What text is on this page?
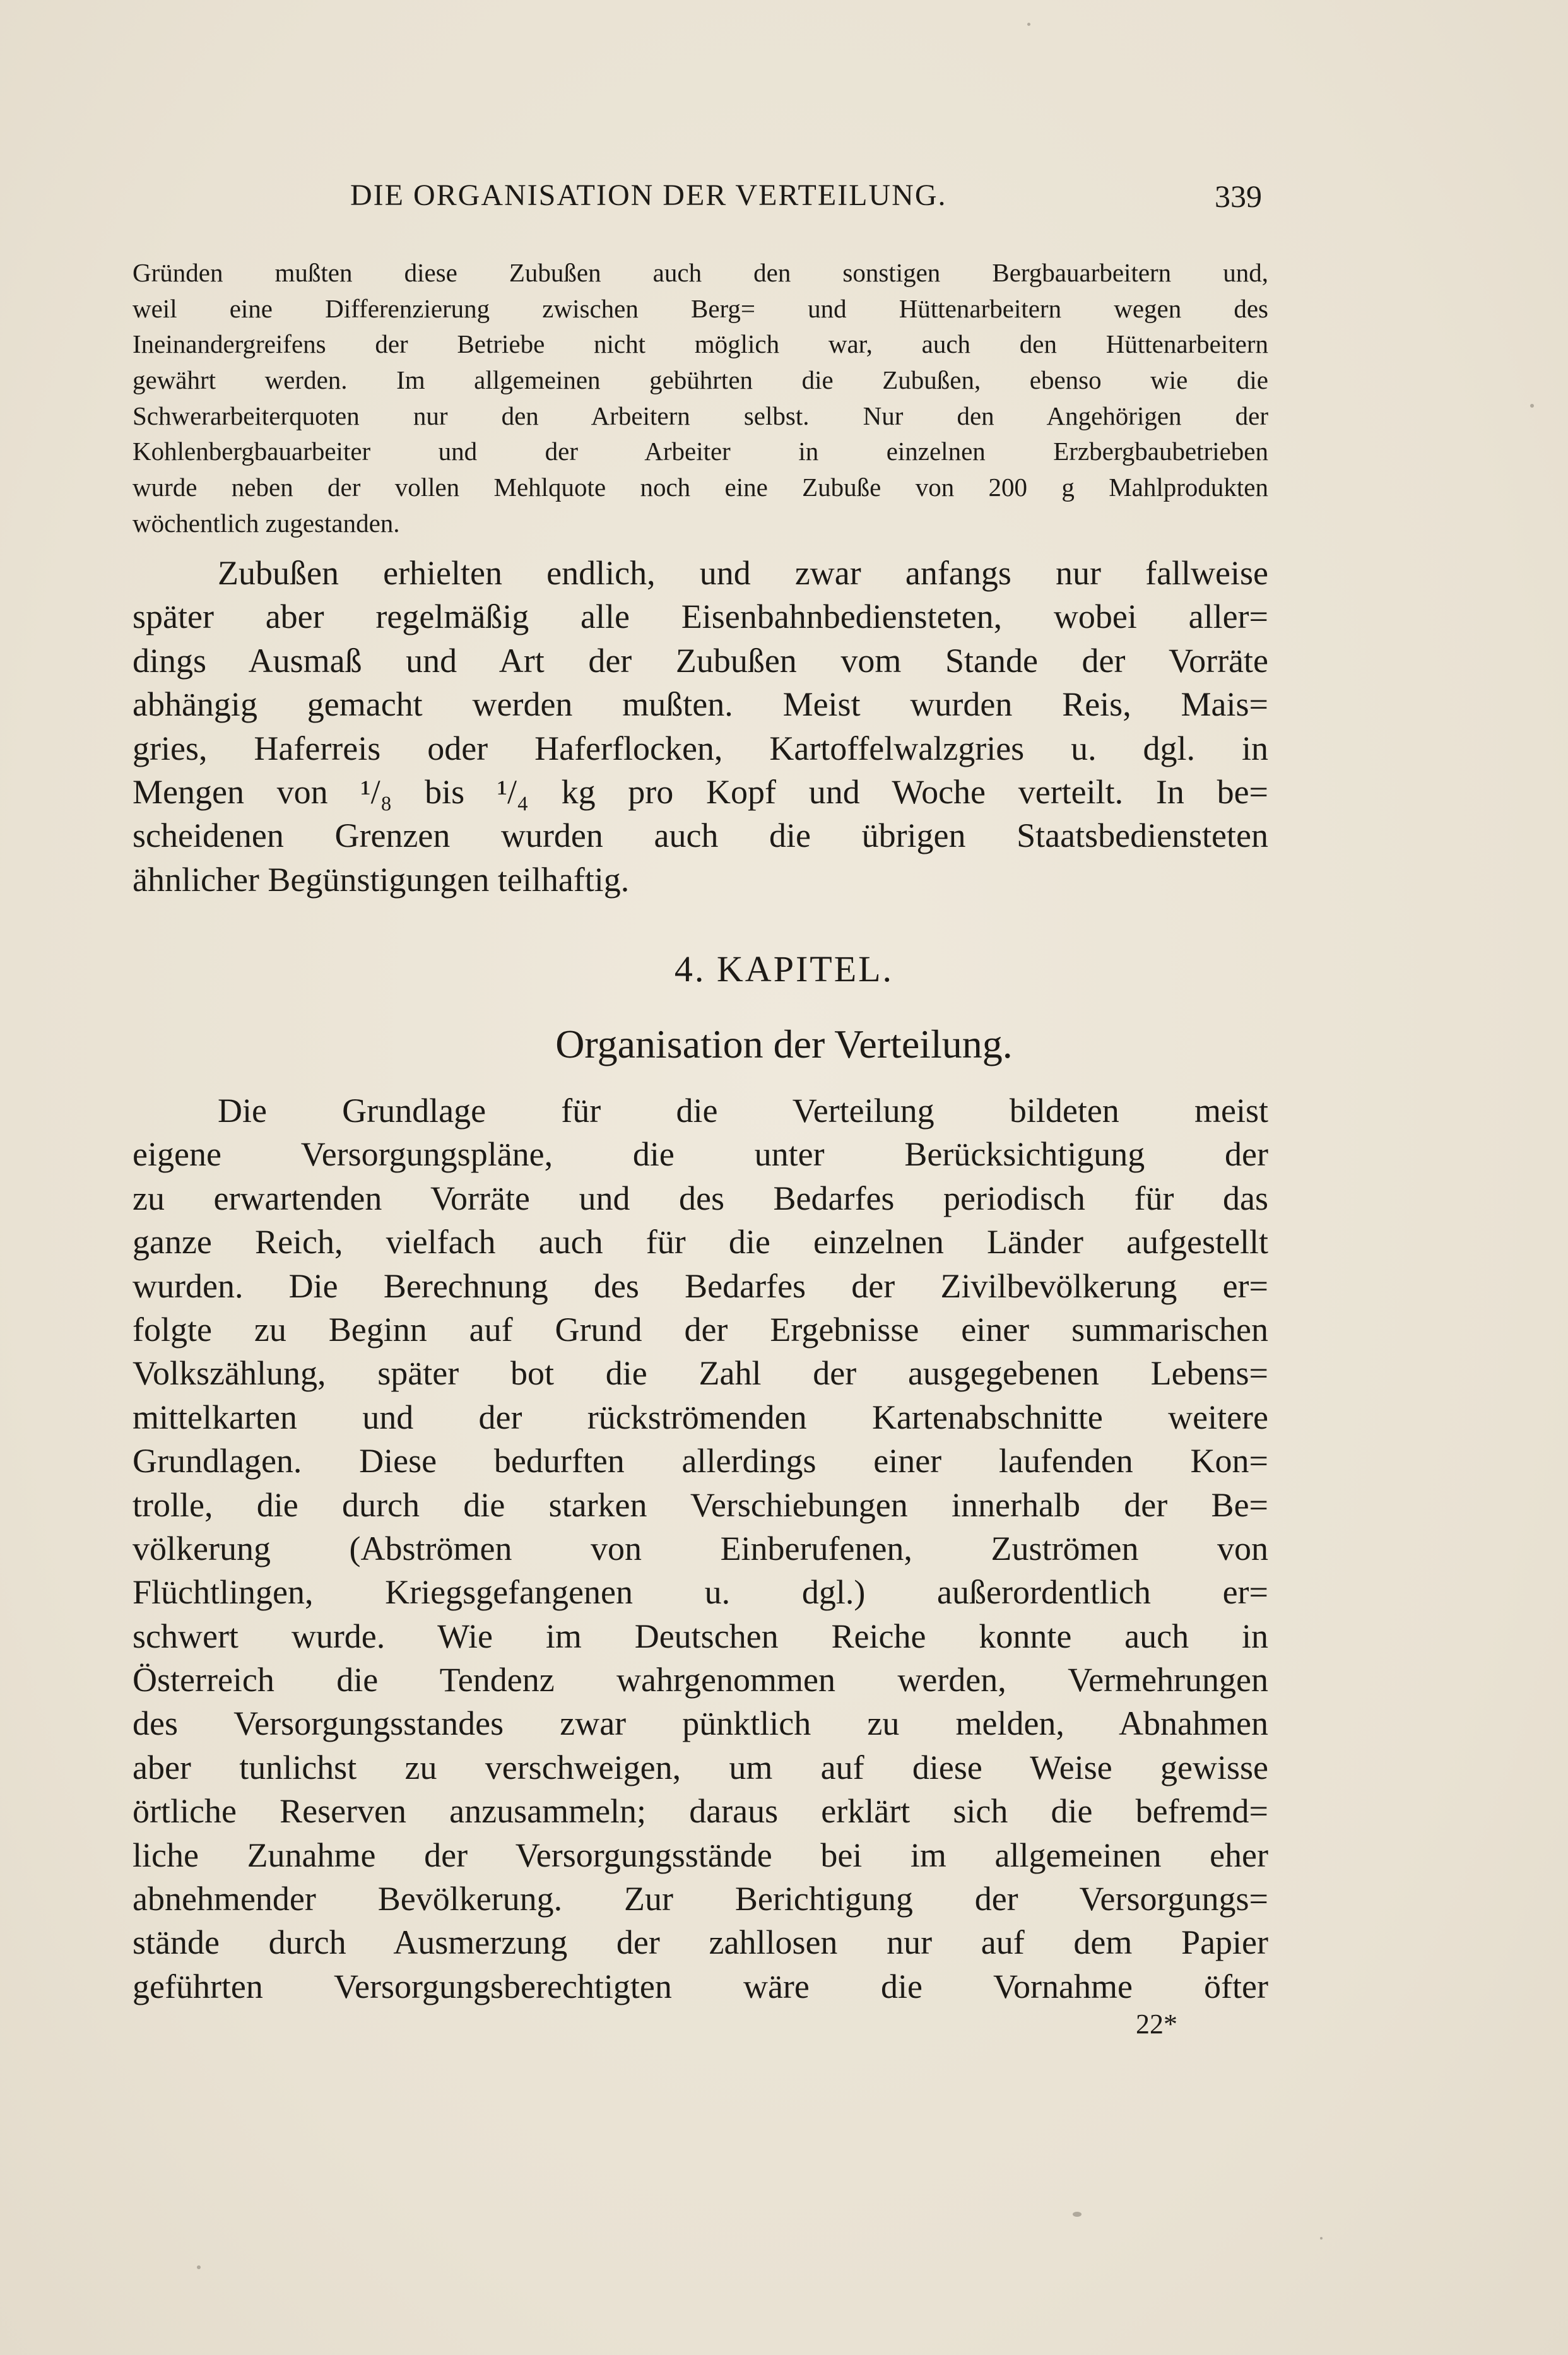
DIE ORGANISATION DER VERTEILUNG.	339
Gründen mußten diese Zubußen auch den sonstigen Bergbauarbeitern und,
weil eine Differenzierung zwischen Berg= und Hüttenarbeitern wegen des
Ineinandergreifens der Betriebe nicht möglich war, auch den Hüttenarbeitern
gewährt werden. Im allgemeinen gebührten die Zubußen, ebenso wie die
Schwerarbeiterquoten nur den Arbeitern selbst. Nur den Angehörigen der
Kohlenbergbauarbeiter und der Arbeiter in einzelnen Erzbergbaubetrieben
wurde neben der vollen Mehlquote noch eine Zubuße von 200 g Mahlprodukten
wöchentlich zugestanden.
Zubußen erhielten endlich, und zwar anfangs nur fallweise
später aber regelmäßig alle Eisenbahnbediensteten, wobei aller=
dings Ausmaß und Art der Zubußen vom Stande der Vorräte
abhängig gemacht werden mußten. Meist wurden Reis, Mais=
gries, Haferreis oder Haferflocken, Kartoffelwalzgries u. dgl. in
Mengen von ¹/₈ bis ¹/₄ kg pro Kopf und Woche verteilt. In be=
scheidenen Grenzen wurden auch die übrigen Staatsbediensteten
ähnlicher Begünstigungen teilhaftig.
4. KAPITEL.
Organisation der Verteilung.
Die Grundlage für die Verteilung bildeten meist
eigene Versorgungspläne, die unter Berücksichtigung der
zu erwartenden Vorräte und des Bedarfes periodisch für das
ganze Reich, vielfach auch für die einzelnen Länder aufgestellt
wurden. Die Berechnung des Bedarfes der Zivilbevölkerung er=
folgte zu Beginn auf Grund der Ergebnisse einer summarischen
Volkszählung, später bot die Zahl der ausgegebenen Lebens=
mittelkarten und der rückströmenden Kartenabschnitte weitere
Grundlagen. Diese bedurften allerdings einer laufenden Kon=
trolle, die durch die starken Verschiebungen innerhalb der Be=
völkerung (Abströmen von Einberufenen, Zuströmen von
Flüchtlingen, Kriegsgefangenen u. dgl.) außerordentlich er=
schwert wurde. Wie im Deutschen Reiche konnte auch in
Österreich die Tendenz wahrgenommen werden, Vermehrungen
des Versorgungsstandes zwar pünktlich zu melden, Abnahmen
aber tunlichst zu verschweigen, um auf diese Weise gewisse
örtliche Reserven anzusammeln; daraus erklärt sich die befremd=
liche Zunahme der Versorgungsstände bei im allgemeinen eher
abnehmender Bevölkerung. Zur Berichtigung der Versorgungs=
stände durch Ausmerzung der zahllosen nur auf dem Papier
geführten Versorgungsberechtigten wäre die Vornahme öfter
22*
